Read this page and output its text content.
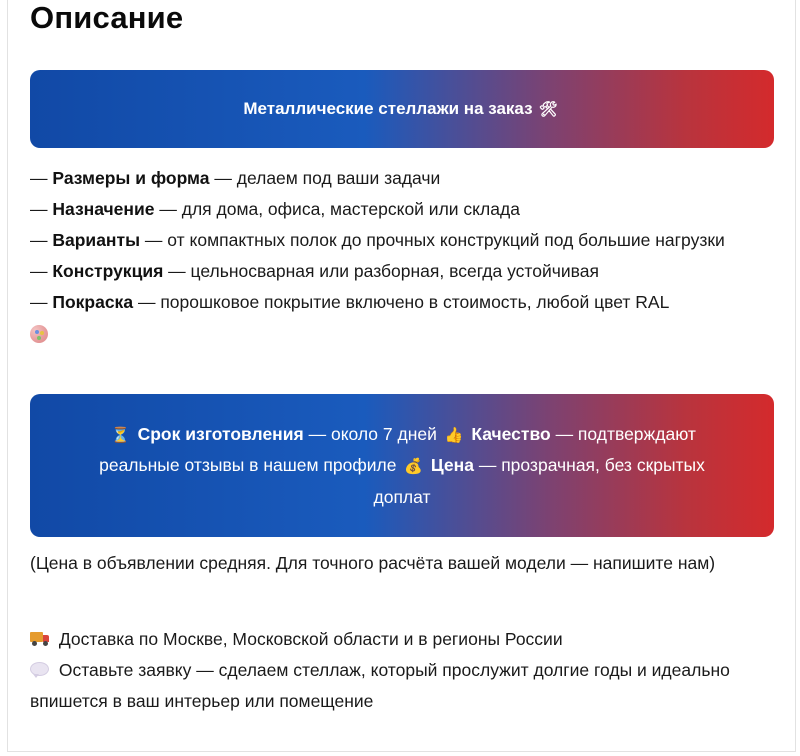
Описание
Металлические стеллажи на заказ 🛠
— Размеры и форма — делаем под ваши задачи
— Назначение — для дома, офиса, мастерской или склада
— Варианты — от компактных полок до прочных конструкций под большие нагрузки
— Конструкция — цельносварная или разборная, всегда устойчивая
— Покраска — порошковое покрытие включено в стоимость, любой цвет RAL
⏳ Срок изготовления — около 7 дней 👍 Качество — подтверждают реальные отзывы в нашем профиле 💰 Цена — прозрачная, без скрытых доплат
(Цена в объявлении средняя. Для точного расчёта вашей модели — напишите нам)
Доставка по Москве, Московской области и в регионы России
Оставьте заявку — сделаем стеллаж, который прослужит долгие годы и идеально впишется в ваш интерьер или помещение
